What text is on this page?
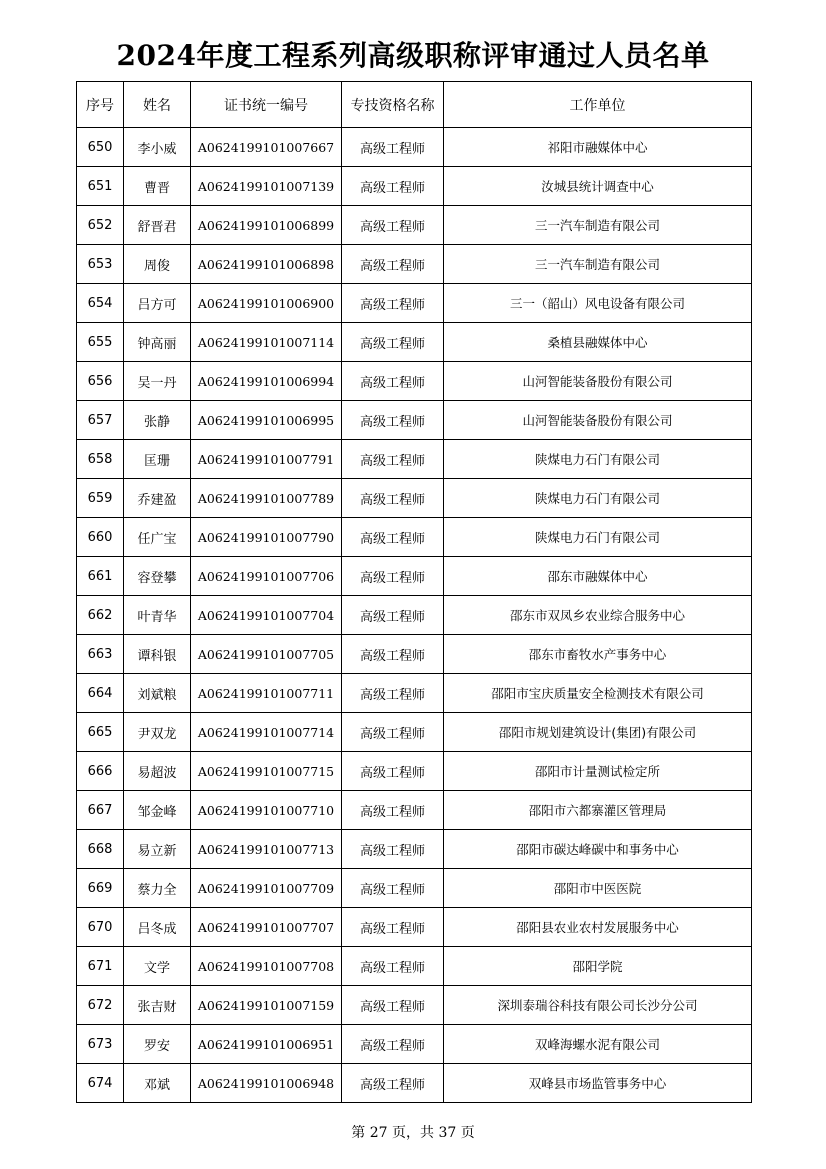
2024年度工程系列高级职称评审通过人员名单
序号	姓名	证书统一编号	专技资格名称	工作单位
650	李小威	A0624199101007667	高级工程师	祁阳市融媒体中心
651	曹晋	A0624199101007139	高级工程师	汝城县统计调查中心
652	舒晋君	A0624199101006899	高级工程师	三一汽车制造有限公司
653	周俊	A0624199101006898	高级工程师	三一汽车制造有限公司
654	吕方可	A0624199101006900	高级工程师	三一（韶山）风电设备有限公司
655	钟高丽	A0624199101007114	高级工程师	桑植县融媒体中心
656	吴一丹	A0624199101006994	高级工程师	山河智能装备股份有限公司
657	张静	A0624199101006995	高级工程师	山河智能装备股份有限公司
658	匡珊	A0624199101007791	高级工程师	陕煤电力石门有限公司
659	乔建盈	A0624199101007789	高级工程师	陕煤电力石门有限公司
660	任广宝	A0624199101007790	高级工程师	陕煤电力石门有限公司
661	容登攀	A0624199101007706	高级工程师	邵东市融媒体中心
662	叶青华	A0624199101007704	高级工程师	邵东市双凤乡农业综合服务中心
663	谭科银	A0624199101007705	高级工程师	邵东市畜牧水产事务中心
664	刘斌粮	A0624199101007711	高级工程师	邵阳市宝庆质量安全检测技术有限公司
665	尹双龙	A0624199101007714	高级工程师	邵阳市规划建筑设计(集团)有限公司
666	易超波	A0624199101007715	高级工程师	邵阳市计量测试检定所
667	邹金峰	A0624199101007710	高级工程师	邵阳市六都寨灌区管理局
668	易立新	A0624199101007713	高级工程师	邵阳市碳达峰碳中和事务中心
669	蔡力全	A0624199101007709	高级工程师	邵阳市中医医院
670	吕冬成	A0624199101007707	高级工程师	邵阳县农业农村发展服务中心
671	文学	A0624199101007708	高级工程师	邵阳学院
672	张吉财	A0624199101007159	高级工程师	深圳泰瑞谷科技有限公司长沙分公司
673	罗安	A0624199101006951	高级工程师	双峰海螺水泥有限公司
674	邓斌	A0624199101006948	高级工程师	双峰县市场监管事务中心
第 27 页，共 37 页
